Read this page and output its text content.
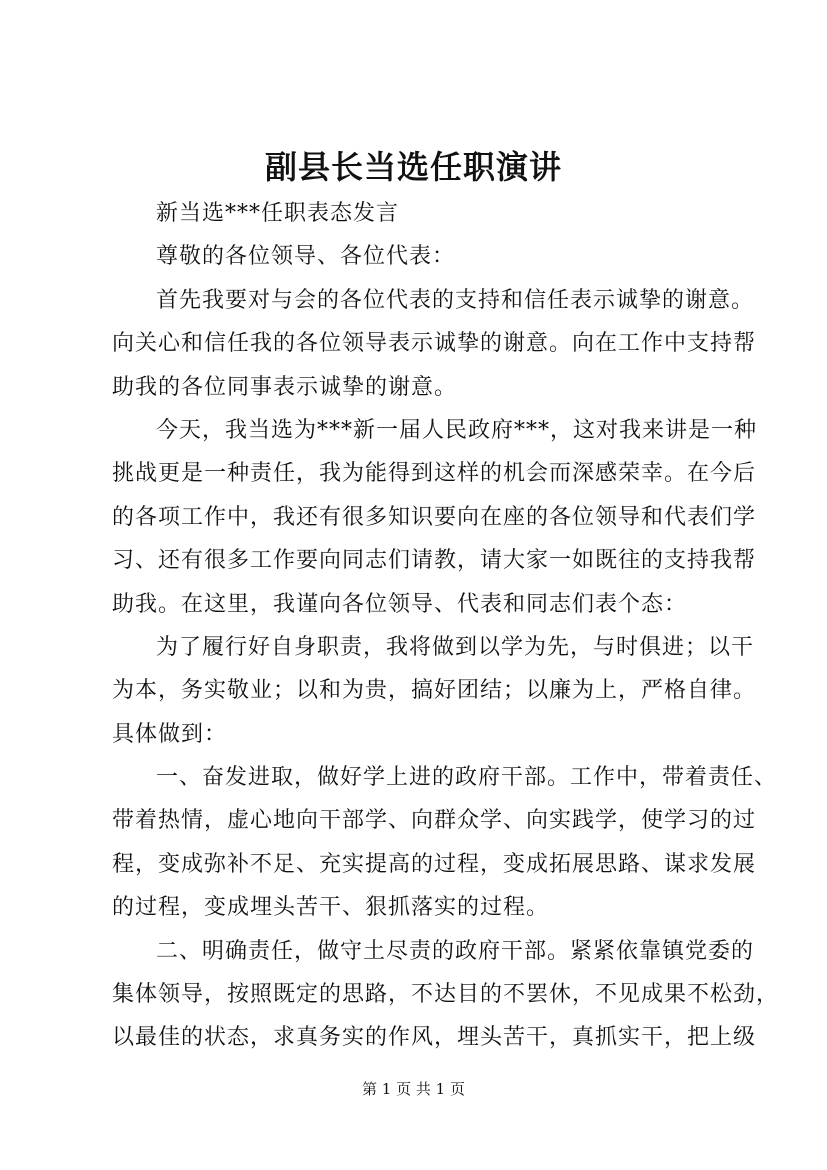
副县长当选任职演讲
新当选***任职表态发言
尊敬的各位领导、各位代表：
首先我要对与会的各位代表的支持和信任表示诚挚的谢意。
向关心和信任我的各位领导表示诚挚的谢意。向在工作中支持帮
助我的各位同事表示诚挚的谢意。
今天，我当选为***新一届人民政府***，这对我来讲是一种
挑战更是一种责任，我为能得到这样的机会而深感荣幸。在今后
的各项工作中，我还有很多知识要向在座的各位领导和代表们学
习、还有很多工作要向同志们请教，请大家一如既往的支持我帮
助我。在这里，我谨向各位领导、代表和同志们表个态：
为了履行好自身职责，我将做到以学为先，与时俱进；以干
为本，务实敬业；以和为贵，搞好团结；以廉为上，严格自律。
具体做到：
一、奋发进取，做好学上进的政府干部。工作中，带着责任、
带着热情，虚心地向干部学、向群众学、向实践学，使学习的过
程，变成弥补不足、充实提高的过程，变成拓展思路、谋求发展
的过程，变成埋头苦干、狠抓落实的过程。
二、明确责任，做守土尽责的政府干部。紧紧依靠镇党委的
集体领导，按照既定的思路，不达目的不罢休，不见成果不松劲，
以最佳的状态，求真务实的作风，埋头苦干，真抓实干，把上级
第 1 页 共 1 页
